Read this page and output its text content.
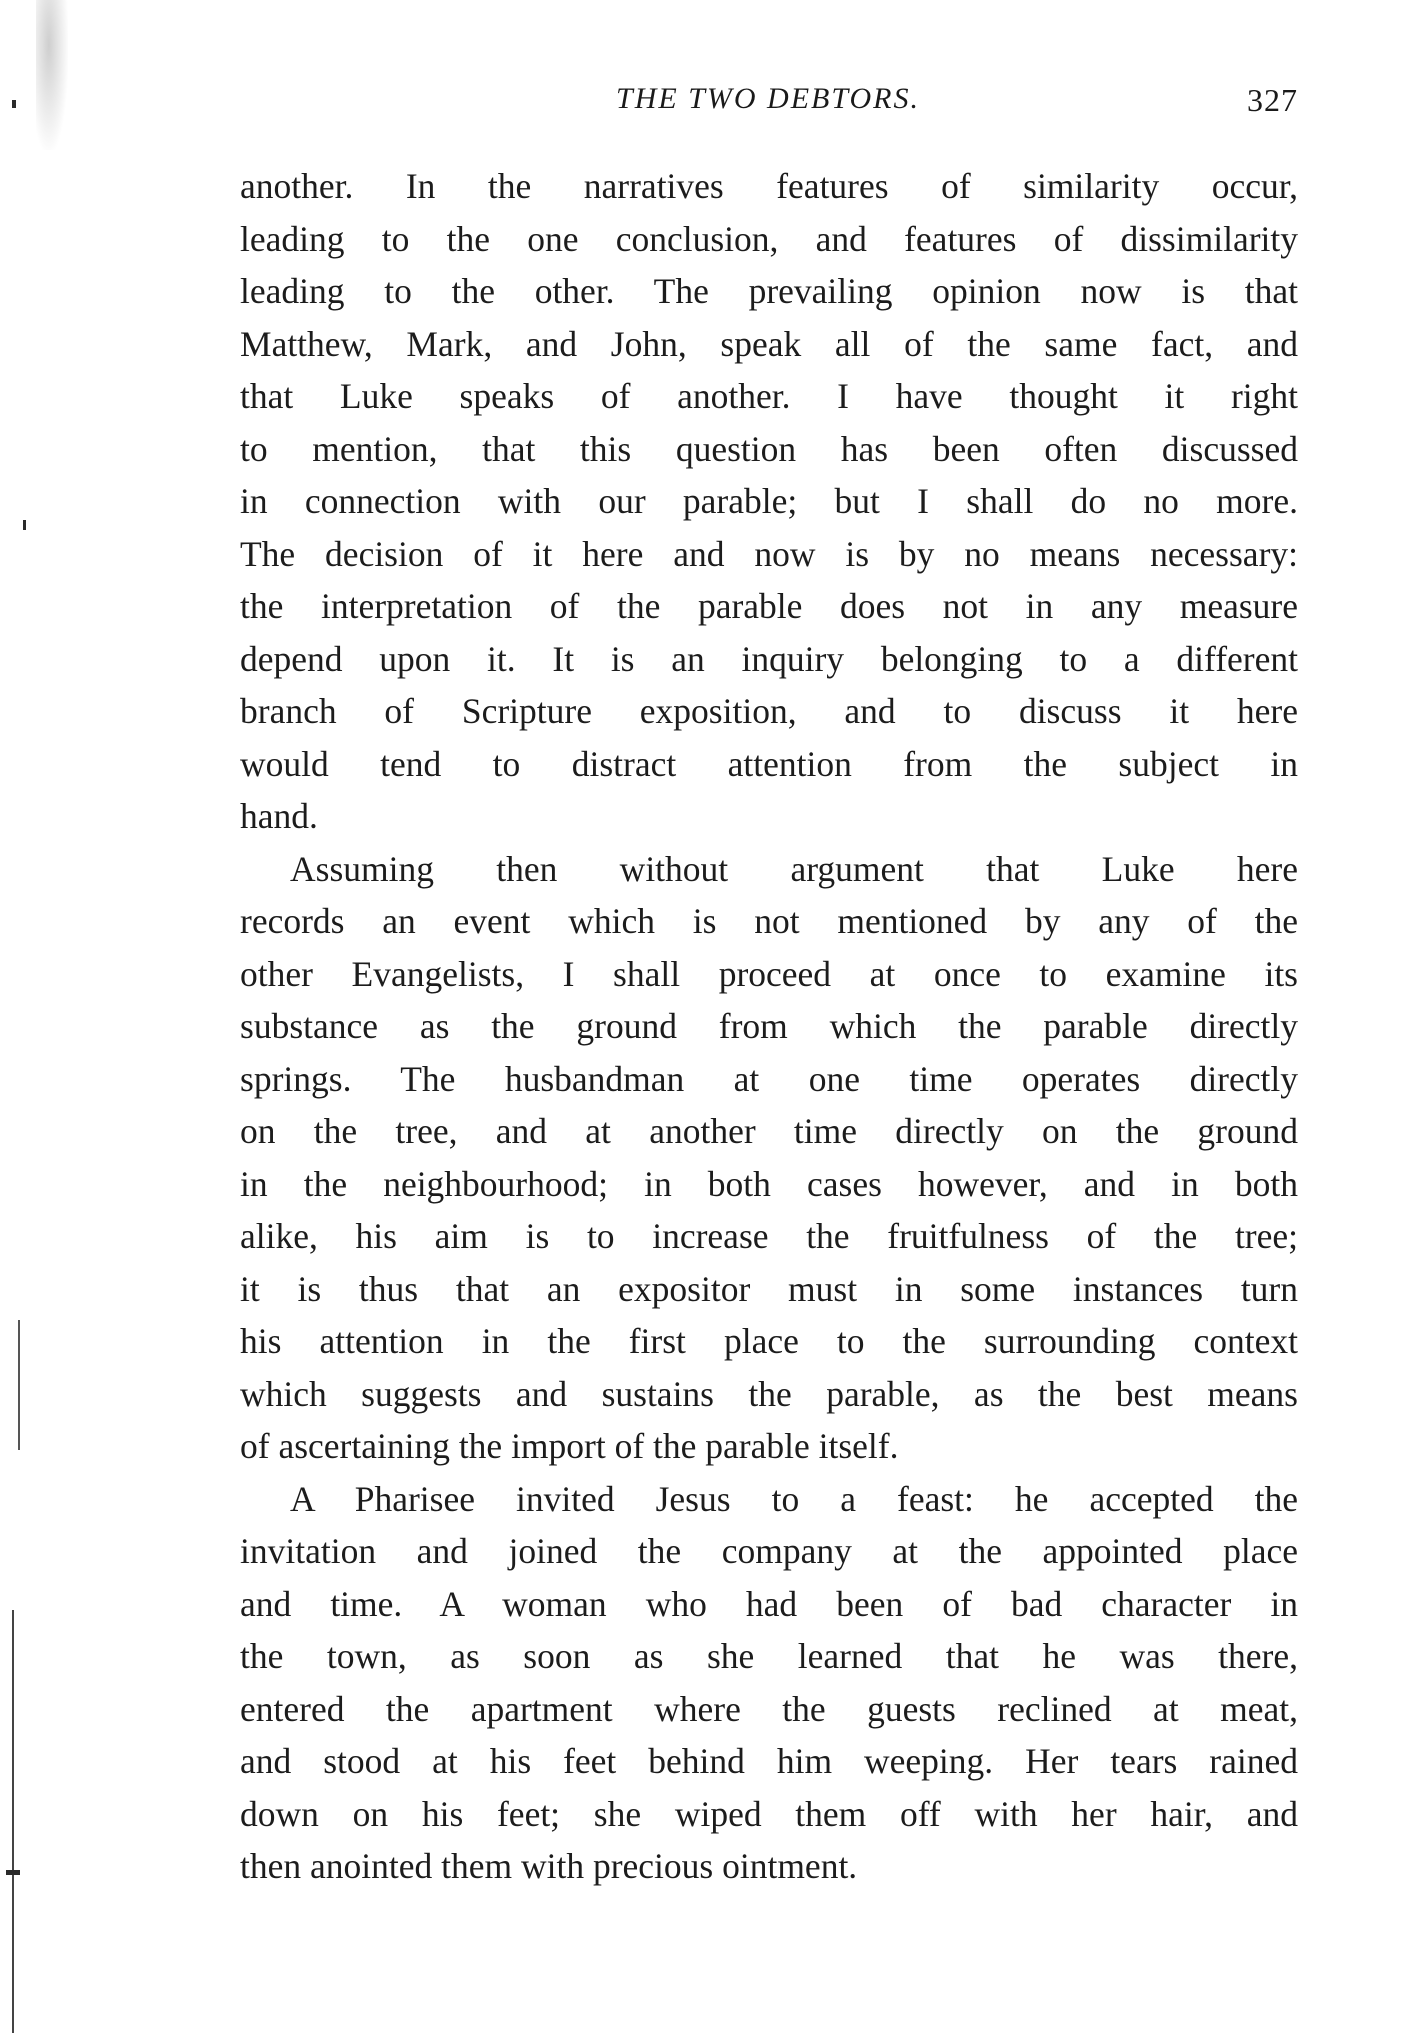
THE TWO DEBTORS.	327

another. In the narratives features of similarity occur,
leading to the one conclusion, and features of dissimilarity
leading to the other. The prevailing opinion now is that
Matthew, Mark, and John, speak all of the same fact, and
that Luke speaks of another. I have thought it right
to mention, that this question has been often discussed
in connection with our parable; but I shall do no more.
The decision of it here and now is by no means necessary:
the interpretation of the parable does not in any measure
depend upon it. It is an inquiry belonging to a different
branch of Scripture exposition, and to discuss it here
would tend to distract attention from the subject in
hand.

Assuming then without argument that Luke here
records an event which is not mentioned by any of the
other Evangelists, I shall proceed at once to examine its
substance as the ground from which the parable directly
springs. The husbandman at one time operates directly
on the tree, and at another time directly on the ground
in the neighbourhood; in both cases however, and in both
alike, his aim is to increase the fruitfulness of the tree;
it is thus that an expositor must in some instances turn
his attention in the first place to the surrounding context
which suggests and sustains the parable, as the best means
of ascertaining the import of the parable itself.

A Pharisee invited Jesus to a feast: he accepted the
invitation and joined the company at the appointed place
and time. A woman who had been of bad character in
the town, as soon as she learned that he was there,
entered the apartment where the guests reclined at meat,
and stood at his feet behind him weeping. Her tears rained
down on his feet; she wiped them off with her hair, and
then anointed them with precious ointment.
